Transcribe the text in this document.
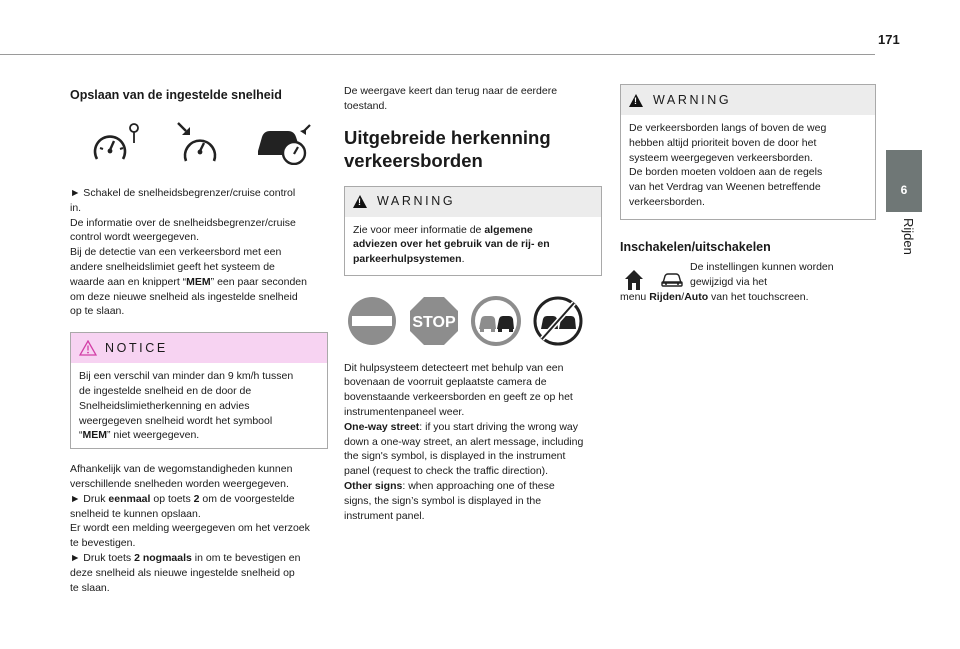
171
6
Rijden
Opslaan van de ingestelde snelheid

► Schakel de snelheidsbegrenzer/cruise control

in.

De informatie over de snelheidsbegrenzer/cruise

control wordt weergegeven.

Bij de detectie van een verkeersbord met een

andere snelheidslimiet geeft het systeem de

waarde aan en knippert “MEM” een paar seconden

om deze nieuwe snelheid als ingestelde snelheid

op te slaan.

NOTICE

Bij een verschil van minder dan 9 km/h tussen

de ingestelde snelheid en de door de

Snelheidslimietherkenning en advies

weergegeven snelheid wordt het symbool

“MEM” niet weergegeven.

Afhankelijk van de wegomstandigheden kunnen

verschillende snelheden worden weergegeven.

► Druk eenmaal op toets 2 om de voorgestelde

snelheid te kunnen opslaan.

Er wordt een melding weergegeven om het verzoek

te bevestigen.

► Druk toets 2 nogmaals in om te bevestigen en

deze snelheid als nieuwe ingestelde snelheid op

te slaan.

De weergave keert dan terug naar de eerdere

toestand.

Uitgebreide herkenning
verkeersborden
! WARNING

Zie voor meer informatie de algemene

adviezen over het gebruik van de rij- en

parkeerhulpsystemen.

STOP

Dit hulpsysteem detecteert met behulp van een

bovenaan de voorruit geplaatste camera de

bovenstaande verkeersborden en geeft ze op het

instrumentenpaneel weer.

One-way street: if you start driving the wrong way

down a one-way street, an alert message, including

the sign's symbol, is displayed in the instrument

panel (request to check the traffic direction).

Other signs: when approaching one of these

signs, the sign’s symbol is displayed in the

instrument panel.

! WARNING

De verkeersborden langs of boven de weg

hebben altijd prioriteit boven de door het

systeem weergegeven verkeersborden.

De borden moeten voldoen aan de regels

van het Verdrag van Weenen betreffende

verkeersborden.

Inschakelen/uitschakelen

De instellingen kunnen worden

gewijzigd via het

menu Rijden/Auto van het touchscreen.
